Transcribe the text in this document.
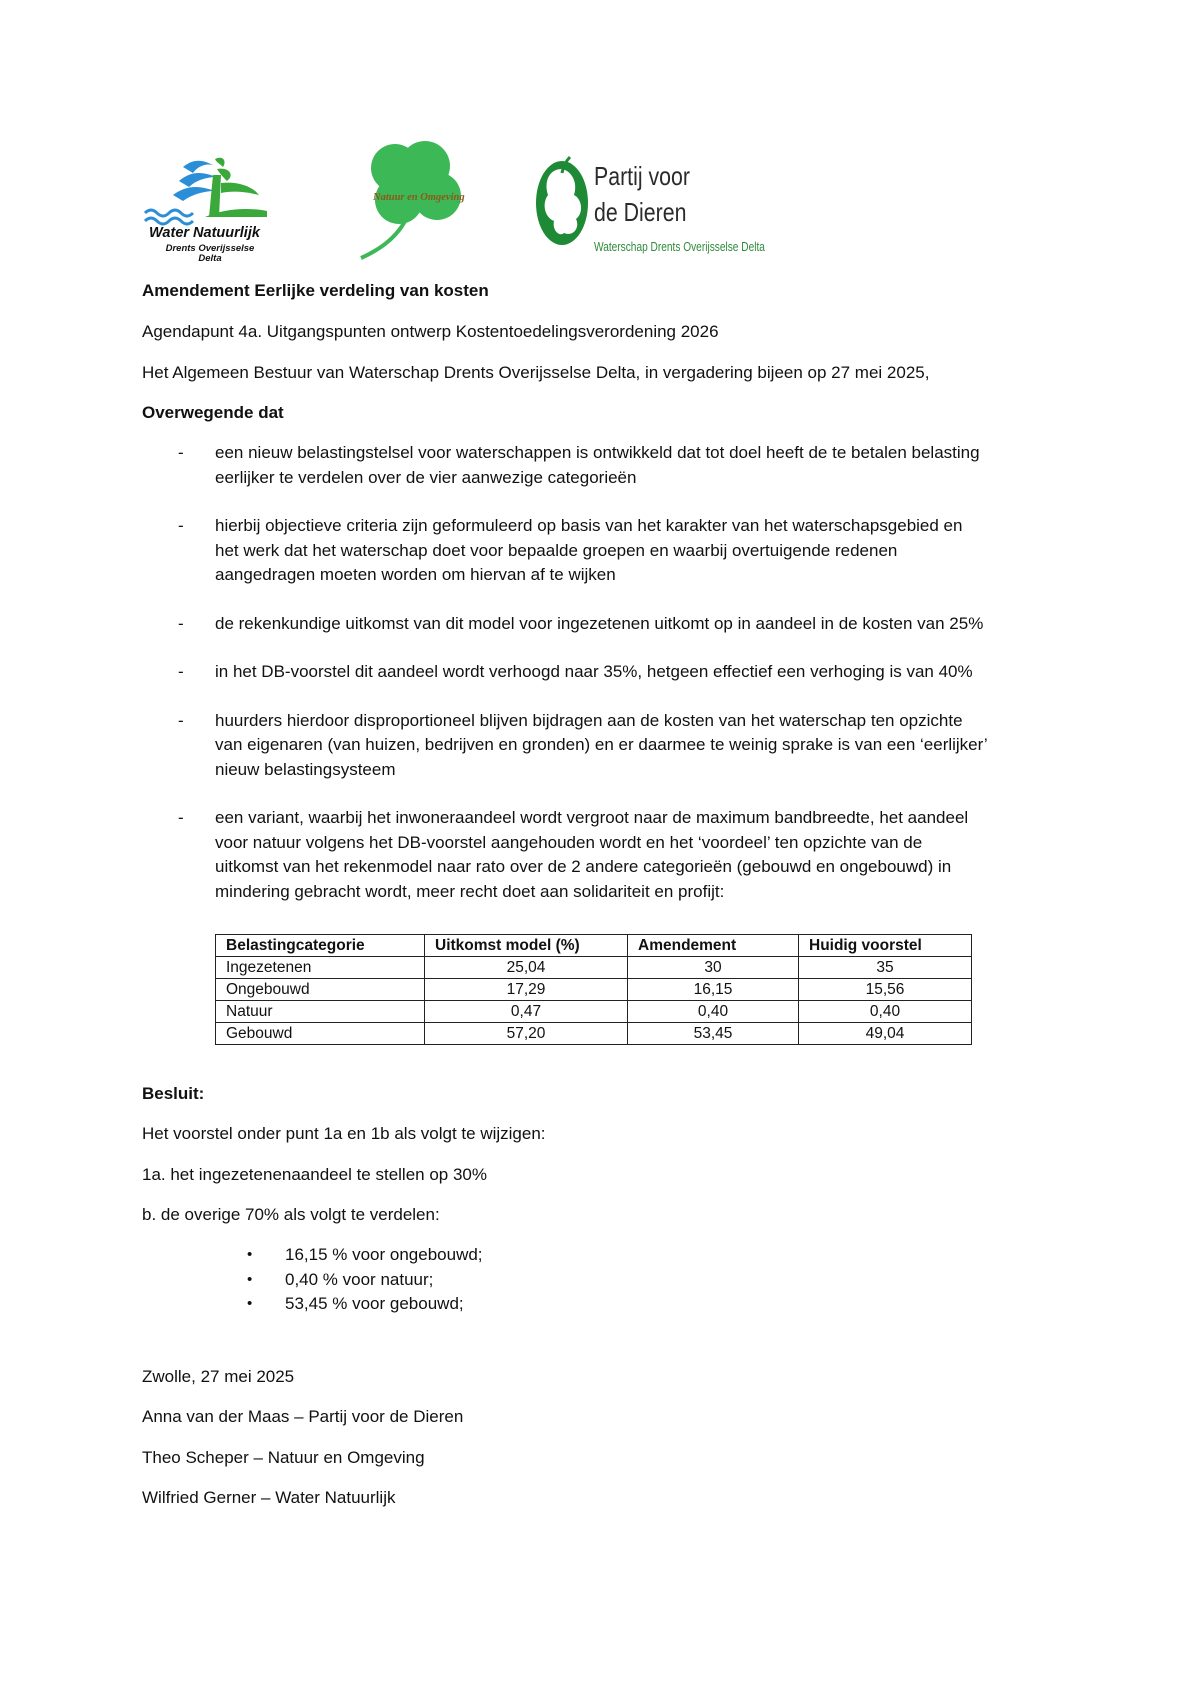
Water Natuurlijk
Drents Overijsselse
Delta
Natuur en Omgeving
Partij voor
de Dieren
Waterschap Drents Overijsselse Delta
Amendement Eerlijke verdeling van kosten
Agendapunt 4a. Uitgangspunten ontwerp Kostentoedelingsverordening 2026
Het Algemeen Bestuur van Waterschap Drents Overijsselse Delta, in vergadering bijeen op 27 mei 2025,
Overwegende dat
- een nieuw belastingstelsel voor waterschappen is ontwikkeld dat tot doel heeft de te betalen belasting
eerlijker te verdelen over de vier aanwezige categorieën
- hierbij objectieve criteria zijn geformuleerd op basis van het karakter van het waterschapsgebied en
het werk dat het waterschap doet voor bepaalde groepen en waarbij overtuigende redenen
aangedragen moeten worden om hiervan af te wijken
- de rekenkundige uitkomst van dit model voor ingezetenen uitkomt op in aandeel in de kosten van 25%
- in het DB-voorstel dit aandeel wordt verhoogd naar 35%, hetgeen effectief een verhoging is van 40%
- huurders hierdoor disproportioneel blijven bijdragen aan de kosten van het waterschap ten opzichte
van eigenaren (van huizen, bedrijven en gronden) en er daarmee te weinig sprake is van een ‘eerlijker’
nieuw belastingsysteem
- een variant, waarbij het inwoneraandeel wordt vergroot naar de maximum bandbreedte, het aandeel
voor natuur volgens het DB-voorstel aangehouden wordt en het ‘voordeel’ ten opzichte van de
uitkomst van het rekenmodel naar rato over de 2 andere categorieën (gebouwd en ongebouwd) in
mindering gebracht wordt, meer recht doet aan solidariteit en profijt:
Belastingcategorie	Uitkomst model (%)	Amendement	Huidig voorstel
Ingezetenen	25,04	30	35
Ongebouwd	17,29	16,15	15,56
Natuur	0,47	0,40	0,40
Gebouwd	57,20	53,45	49,04
Besluit:
Het voorstel onder punt 1a en 1b als volgt te wijzigen:
1a. het ingezetenenaandeel te stellen op 30%
b. de overige 70% als volgt te verdelen:
• 16,15 % voor ongebouwd;
• 0,40 % voor natuur;
• 53,45 % voor gebouwd;
Zwolle, 27 mei 2025
Anna van der Maas – Partij voor de Dieren
Theo Scheper – Natuur en Omgeving
Wilfried Gerner – Water Natuurlijk
